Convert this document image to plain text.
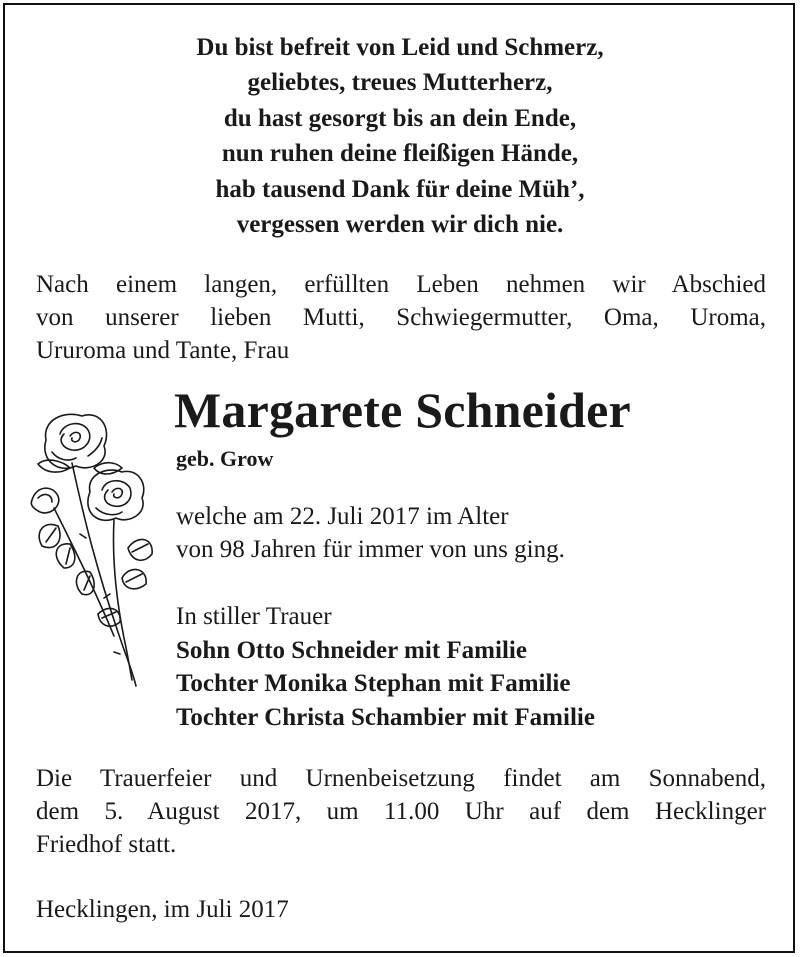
Du bist befreit von Leid und Schmerz,
geliebtes, treues Mutterherz,
du hast gesorgt bis an dein Ende,
nun ruhen deine fleißigen Hände,
hab tausend Dank für deine Müh’,
vergessen werden wir dich nie.
Nach einem langen, erfüllten Leben nehmen wir Abschied
von unserer lieben Mutti, Schwiegermutter, Oma, Uroma,
Ururoma und Tante, Frau
Margarete Schneider
geb. Grow
welche am 22. Juli 2017 im Alter
von 98 Jahren für immer von uns ging.
In stiller Trauer
Sohn Otto Schneider mit Familie
Tochter Monika Stephan mit Familie
Tochter Christa Schambier mit Familie
Die Trauerfeier und Urnenbeisetzung findet am Sonnabend,
dem 5. August 2017, um 11.00 Uhr auf dem Hecklinger
Friedhof statt.
Hecklingen, im Juli 2017
